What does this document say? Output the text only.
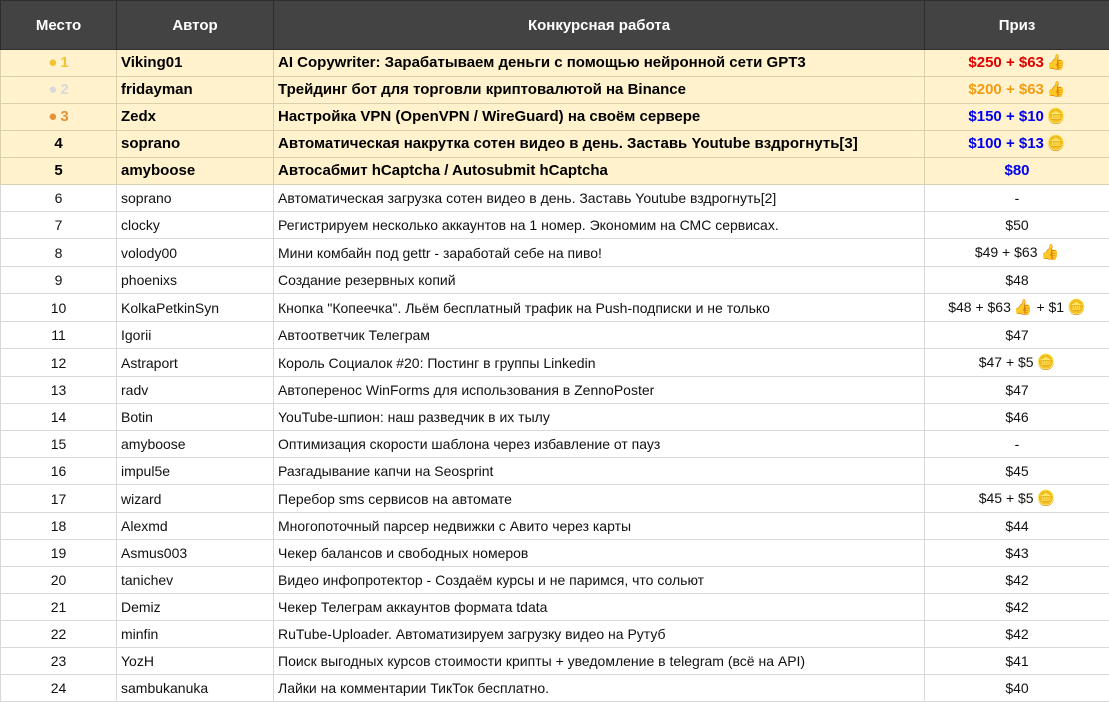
Место	Автор	Конкурсная работа	Приз
● 1	Viking01	AI Copywriter: Зарабатываем деньги с помощью нейронной сети GPT3	$250 + $63 👍
● 2	fridayman	Трейдинг бот для торговли криптовалютой на Binance	$200 + $63 👍
● 3	Zedx	Настройка VPN (OpenVPN / WireGuard) на своём сервере	$150 + $10 🪙
4	soprano	Автоматическая накрутка сотен видео в день. Заставь Youtube вздрогнуть[3]	$100 + $13 🪙
5	amyboose	Автосабмит hCaptcha / Autosubmit hCaptcha	$80
6	soprano	Автоматическая загрузка сотен видео в день. Заставь Youtube вздрогнуть[2]	-
7	clocky	Регистрируем несколько аккаунтов на 1 номер. Экономим на СМС сервисах.	$50
8	volody00	Мини комбайн под gettr - заработай себе на пиво!	$49 + $63 👍
9	phoenixs	Создание резервных копий	$48
10	KolkaPetkinSyn	Кнопка "Копеечка". Льём бесплатный трафик на Push-подписки и не только	$48 + $63 👍 + $1 🪙
11	Igorii	Автоответчик Телеграм	$47
12	Astraport	Король Социалок #20: Постинг в группы Linkedin	$47 + $5 🪙
13	radv	Автоперенос WinForms для использования в ZennoPoster	$47
14	Botin	YouTube-шпион: наш разведчик в их тылу	$46
15	amyboose	Оптимизация скорости шаблона через избавление от пауз	-
16	impul5e	Разгадывание капчи на Seosprint	$45
17	wizard	Перебор sms сервисов на автомате	$45 + $5 🪙
18	Alexmd	Многопоточный парсер недвижки с Авито через карты	$44
19	Asmus003	Чекер балансов и свободных номеров	$43
20	tanichev	Видео инфопротектор - Создаём курсы и не паримся, что сольют	$42
21	Demiz	Чекер Телеграм аккаунтов формата tdata	$42
22	minfin	RuTube-Uploader. Автоматизируем загрузку видео на Рутуб	$42
23	YozH	Поиск выгодных курсов стоимости крипты + уведомление в telegram (всё на API)	$41
24	sambukanuka	Лайки на комментарии ТикТок бесплатно.	$40
